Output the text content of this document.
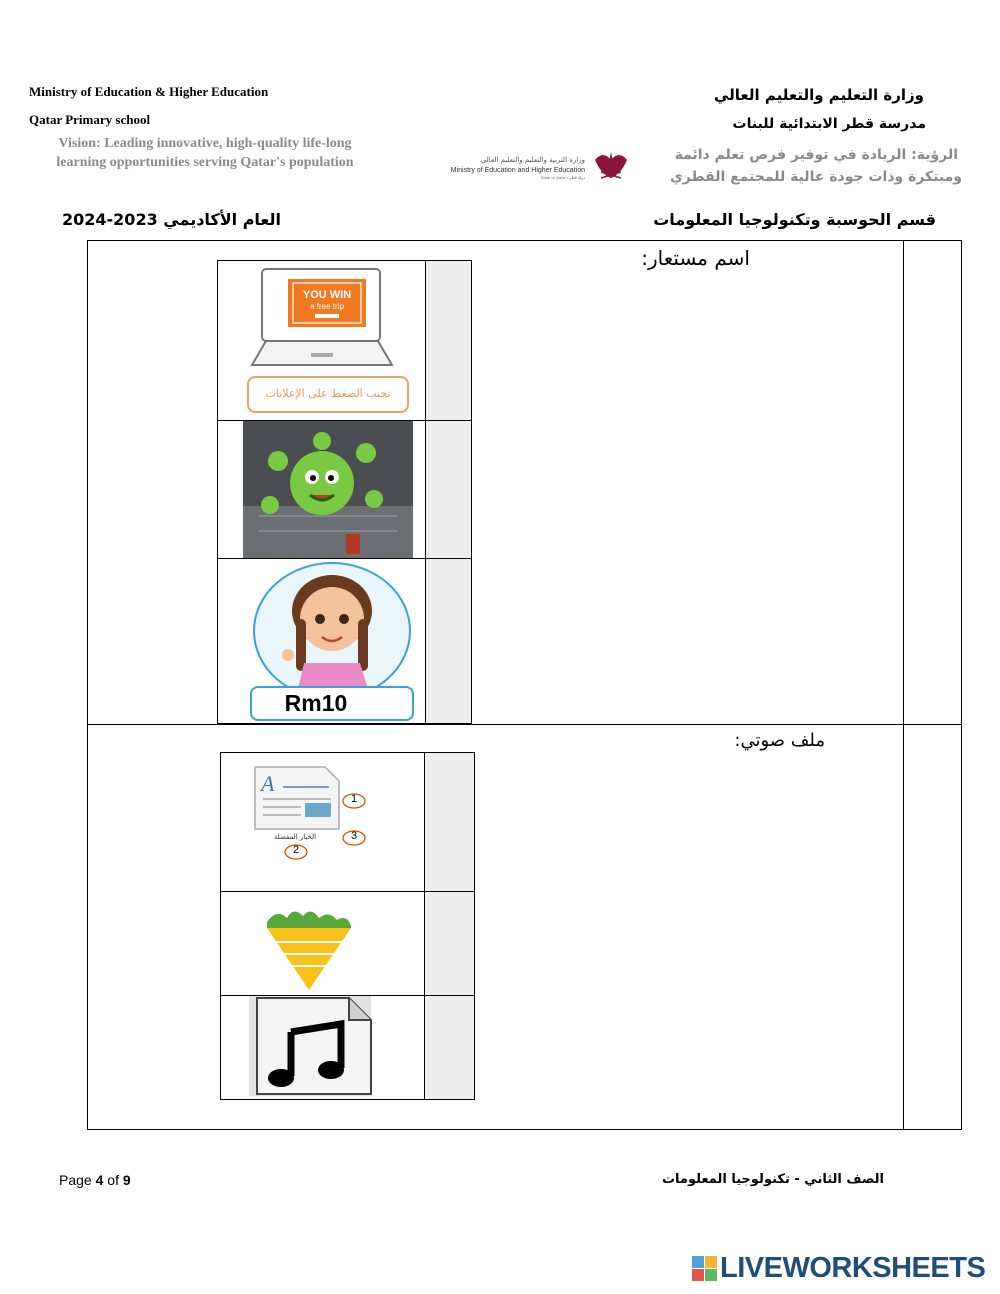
Ministry of Education & Higher Education
Qatar Primary school
Vision: Leading innovative, high-quality life-long learning opportunities serving Qatar's population	وزارة التربية والتعليم والتعليم العالي
Ministry of Education and Higher Education
State of Qatar • دولة قطر
وزارة التعليم والتعليم العالي
مدرسة قطر الابتدائية للبنات
الرؤية: الريادة في توفير فرص تعلم دائمة
ومبتكرة وذات جودة عالية للمجتمع القطري
قسم الحوسبة وتكنولوجيا المعلومات
العام الأكاديمي 2023-2024
اسم مستعار:
YOU WIN
a free trip
تجنب الضغط على الإعلانات
Rm10
ملف صوتي:
A
1
3
2
الخيار المفضلة
Page 4 of 9	الصف الثاني - تكنولوجيا المعلومات
LIVEWORKSHEETS
